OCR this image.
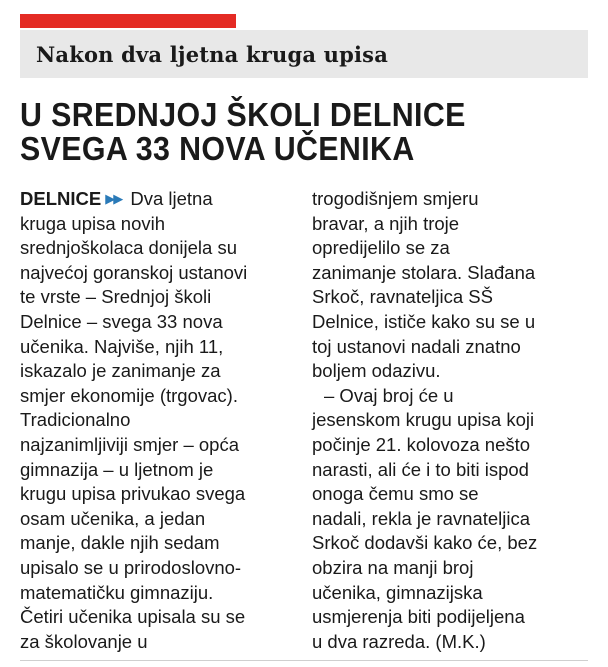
Nakon dva ljetna kruga upisa
U SREDNJOJ ŠKOLI DELNICE
SVEGA 33 NOVA UČENIKA
DELNICE ▶▶ Dva ljetna
kruga upisa novih
srednjoškolaca donijela su
najvećoj goranskoj ustanovi
te vrste – Srednjoj školi
Delnice – svega 33 nova
učenika. Najviše, njih 11,
iskazalo je zanimanje za
smjer ekonomije (trgovac).
Tradicionalno
najzanimljiviji smjer – opća
gimnazija – u ljetnom je
krugu upisa privukao svega
osam učenika, a jedan
manje, dakle njih sedam
upisalo se u prirodoslovno-
matematičku gimnaziju.
Četiri učenika upisala su se
za školovanje u
trogodišnjem smjeru
bravar, a njih troje
opredijelilo se za
zanimanje stolara. Slađana
Srkoč, ravnateljica SŠ
Delnice, ističe kako su se u
toj ustanovi nadali znatno
boljem odazivu.
– Ovaj broj će u
jesenskom krugu upisa koji
počinje 21. kolovoza nešto
narasti, ali će i to biti ispod
onoga čemu smo se
nadali, rekla je ravnateljica
Srkoč dodavši kako će, bez
obzira na manji broj
učenika, gimnazijska
usmjerenja biti podijeljena
u dva razreda. (M.K.)
